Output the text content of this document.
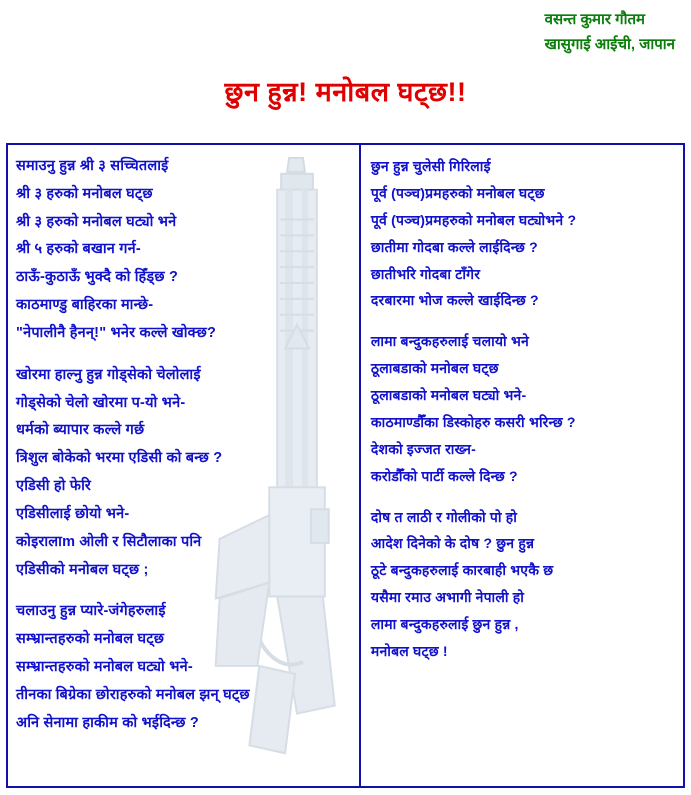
वसन्त कुमार गौतम
खासुगाई आईची, जापान
छुन हुन्न! मनोबल घट्छ!!
समाउनु हुन्न श्री ३ सच्चितलाई
श्री ३ हरुको मनोबल घट्छ
श्री ३ हरुको मनोबल घट्यो भने
श्री ५ हरुको बखान गर्न-
ठाऊँ-कुठाऊँ भुक्दै को हिँड्छ ?
काठमाण्डु बाहिरका मान्छे-
"नेपालीनै हैनन्!" भनेर कल्ले खोक्छ?
खोरमा हाल्नु हुन्न गोड्सेको चेलोलाई
गोड्सेको चेलो खोरमा प-यो भने-
धर्मको ब्यापार कल्ले गर्छ
त्रिशुल बोकेको भरमा एडिसी को बन्छ ?
एडिसी हो फेरि
एडिसीलाई छोयो भने-
कोइरालाm ओली र सिटौलाका पनि
एडिसीको मनोबल घट्छ ;
चलाउनु हुन्न प्यारे-जंगेहरुलाई
सम्भ्रान्तहरुको मनोबल घट्छ
सम्भ्रान्तहरुको मनोबल घट्यो भने-
तीनका बिग्रेका छोराहरुको मनोबल झन् घट्छ
अनि सेनामा हाकीम को भईदिन्छ ?
छुन हुन्न चुलेसी गिरिलाई
पूर्व (पञ्च)प्रमहरुको मनोबल घट्छ
पूर्व (पञ्च)प्रमहरुको मनोबल घट्योभने ?
छातीमा गोदबा कल्ले लाईदिन्छ ?
छातीभरि गोदबा टाँगेर
दरबारमा भोज कल्ले खाईदिन्छ ?
लामा बन्दुकहरुलाई चलायो भने
ठूलाबडाको मनोबल घट्छ
ठूलाबडाको मनोबल घट्यो भने-
काठमाण्डौँका डिस्कोहरु कसरी भरिन्छ ?
देशको इज्जत राख्न-
करोडौँको पार्टी कल्ले दिन्छ ?
दोष त लाठी र गोलीको पो हो
आदेश दिनेको के दोष ? छुन हुन्न
ठूटे बन्दुकहरुलाई कारबाही भएकै छ
यसैमा रमाउ अभागी नेपाली हो
लामा बन्दुकहरुलाई छुन हुन्न ,
मनोबल घट्छ !
